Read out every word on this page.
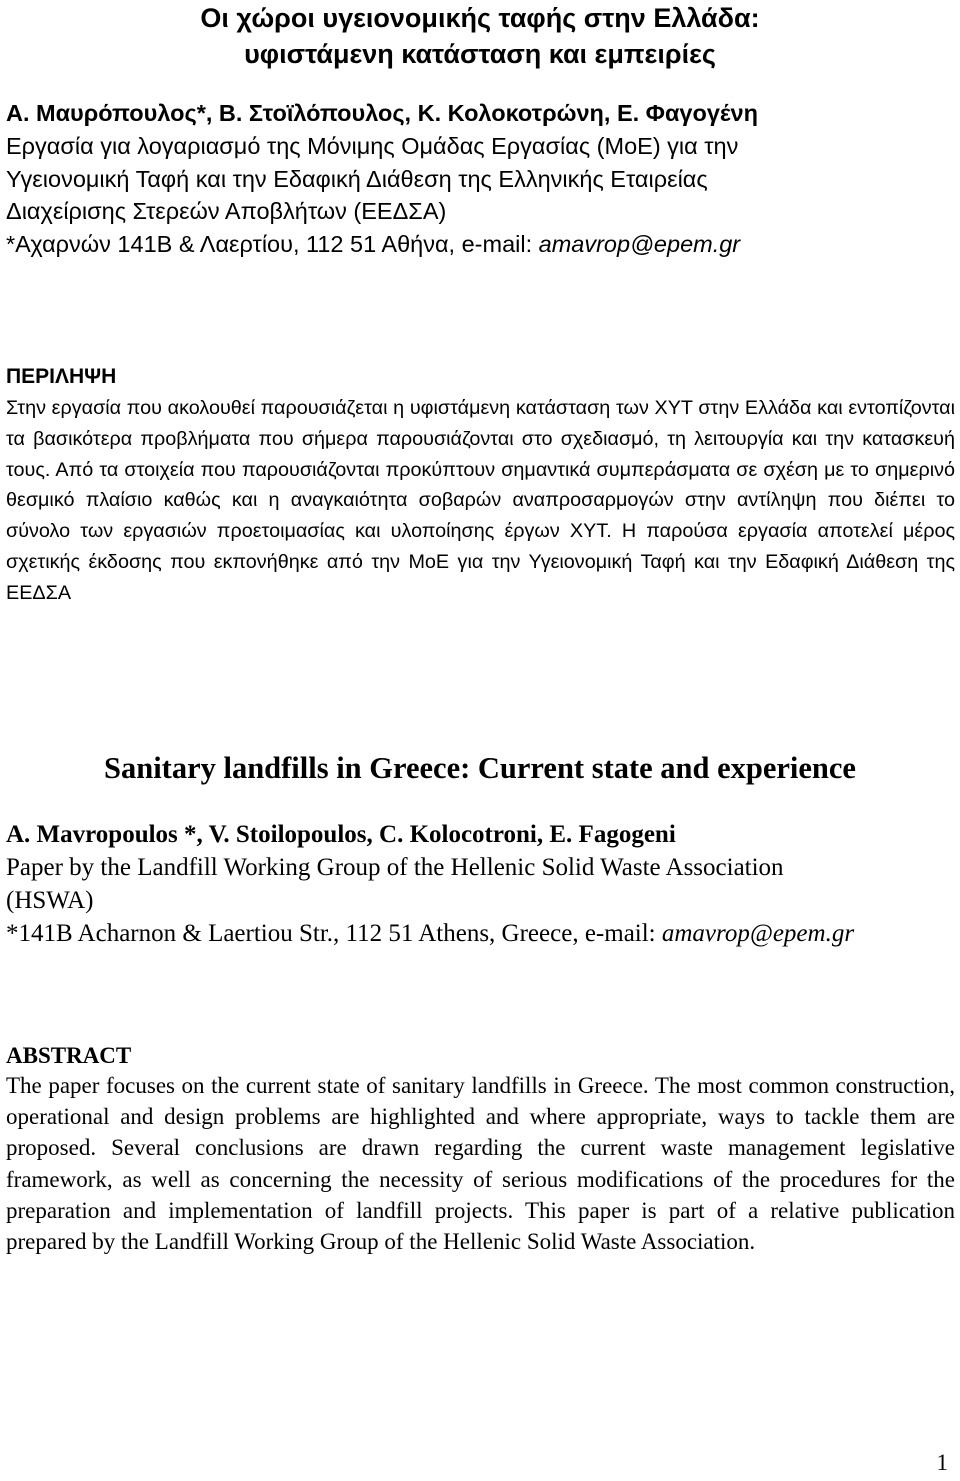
Οι χώροι υγειονομικής ταφής στην Ελλάδα:
υφιστάμενη κατάσταση και εμπειρίες
Α. Μαυρόπουλος*, Β. Στοϊλόπουλος, Κ. Κολοκοτρώνη, Ε. Φαγογένη
Εργασία για λογαριασμό της Μόνιμης Ομάδας Εργασίας (ΜοΕ) για την
Υγειονομική Ταφή και την Εδαφική Διάθεση της Ελληνικής Εταιρείας
Διαχείρισης Στερεών Αποβλήτων (ΕΕΔΣΑ)
*Αχαρνών 141Β & Λαερτίου, 112 51 Αθήνα, e-mail: amavrop@epem.gr
ΠΕΡΙΛΗΨΗ
Στην εργασία που ακολουθεί παρουσιάζεται η υφιστάμενη κατάσταση των ΧΥΤ στην Ελλάδα και εντοπίζονται τα βασικότερα προβλήματα που σήμερα παρουσιάζονται στο σχεδιασμό, τη λειτουργία και την κατασκευή τους. Από τα στοιχεία που παρουσιάζονται προκύπτουν σημαντικά συμπεράσματα σε σχέση με το σημερινό θεσμικό πλαίσιο καθώς και η αναγκαιότητα σοβαρών αναπροσαρμογών στην αντίληψη που διέπει το σύνολο των εργασιών προετοιμασίας και υλοποίησης έργων ΧΥΤ. Η παρούσα εργασία αποτελεί μέρος σχετικής έκδοσης που εκπονήθηκε από την ΜοΕ για την Υγειονομική Ταφή και την Εδαφική Διάθεση της ΕΕΔΣΑ
Sanitary landfills in Greece: Current state and experience
A. Mavropoulos *, V. Stoilopoulos, C. Kolocotroni, E. Fagogeni
Paper by the Landfill Working Group of the Hellenic Solid Waste Association
(HSWA)
*141B Acharnon & Laertiou Str., 112 51 Athens, Greece, e-mail: amavrop@epem.gr
ABSTRACT
The paper focuses on the current state of sanitary landfills in Greece. The most common construction, operational and design problems are highlighted and where appropriate, ways to tackle them are proposed. Several conclusions are drawn regarding the current waste management legislative framework, as well as concerning the necessity of serious modifications of the procedures for the preparation and implementation of landfill projects. This paper is part of a relative publication prepared by the Landfill Working Group of the Hellenic Solid Waste Association.
1
